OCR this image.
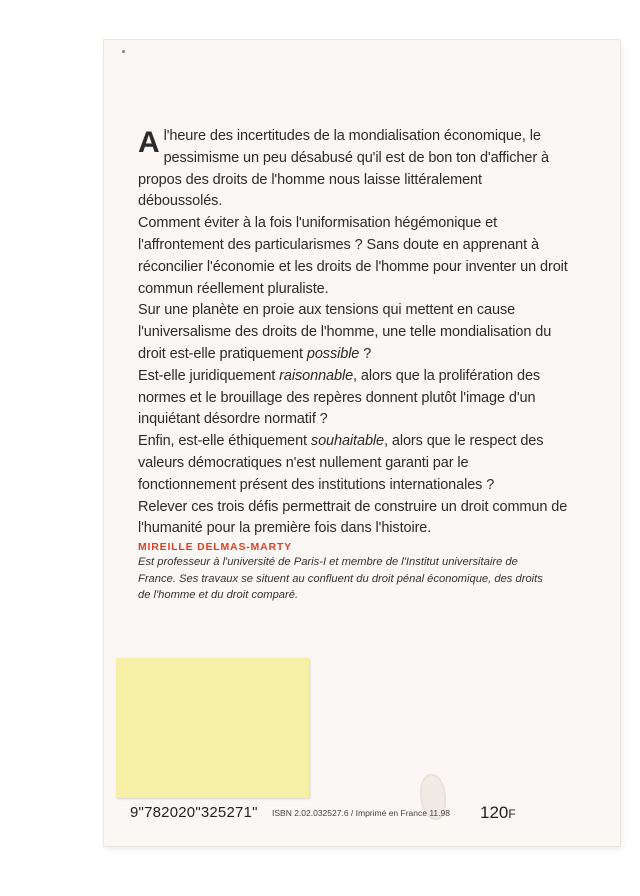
A l'heure des incertitudes de la mondialisation économique, le pessimisme un peu désabusé qu'il est de bon ton d'afficher à propos des droits de l'homme nous laisse littéralement déboussolés.

Comment éviter à la fois l'uniformisation hégémonique et l'affrontement des particularismes ? Sans doute en apprenant à réconcilier l'économie et les droits de l'homme pour inventer un droit commun réellement pluraliste.

Sur une planète en proie aux tensions qui mettent en cause l'universalisme des droits de l'homme, une telle mondialisation du droit est-elle pratiquement possible ?

Est-elle juridiquement raisonnable, alors que la prolifération des normes et le brouillage des repères donnent plutôt l'image d'un inquiétant désordre normatif ?

Enfin, est-elle éthiquement souhaitable, alors que le respect des valeurs démocratiques n'est nullement garanti par le fonctionnement présent des institutions internationales ?

Relever ces trois défis permettrait de construire un droit commun de l'humanité pour la première fois dans l'histoire.

MIREILLE DELMAS-MARTY
Est professeur à l'université de Paris-I et membre de l'Institut universitaire de France. Ses travaux se situent au confluent du droit pénal économique, des droits de l'homme et du droit comparé.
9"782020"325271" ISBN 2.02.032527.6 / Imprimé en France 11.98 120F
